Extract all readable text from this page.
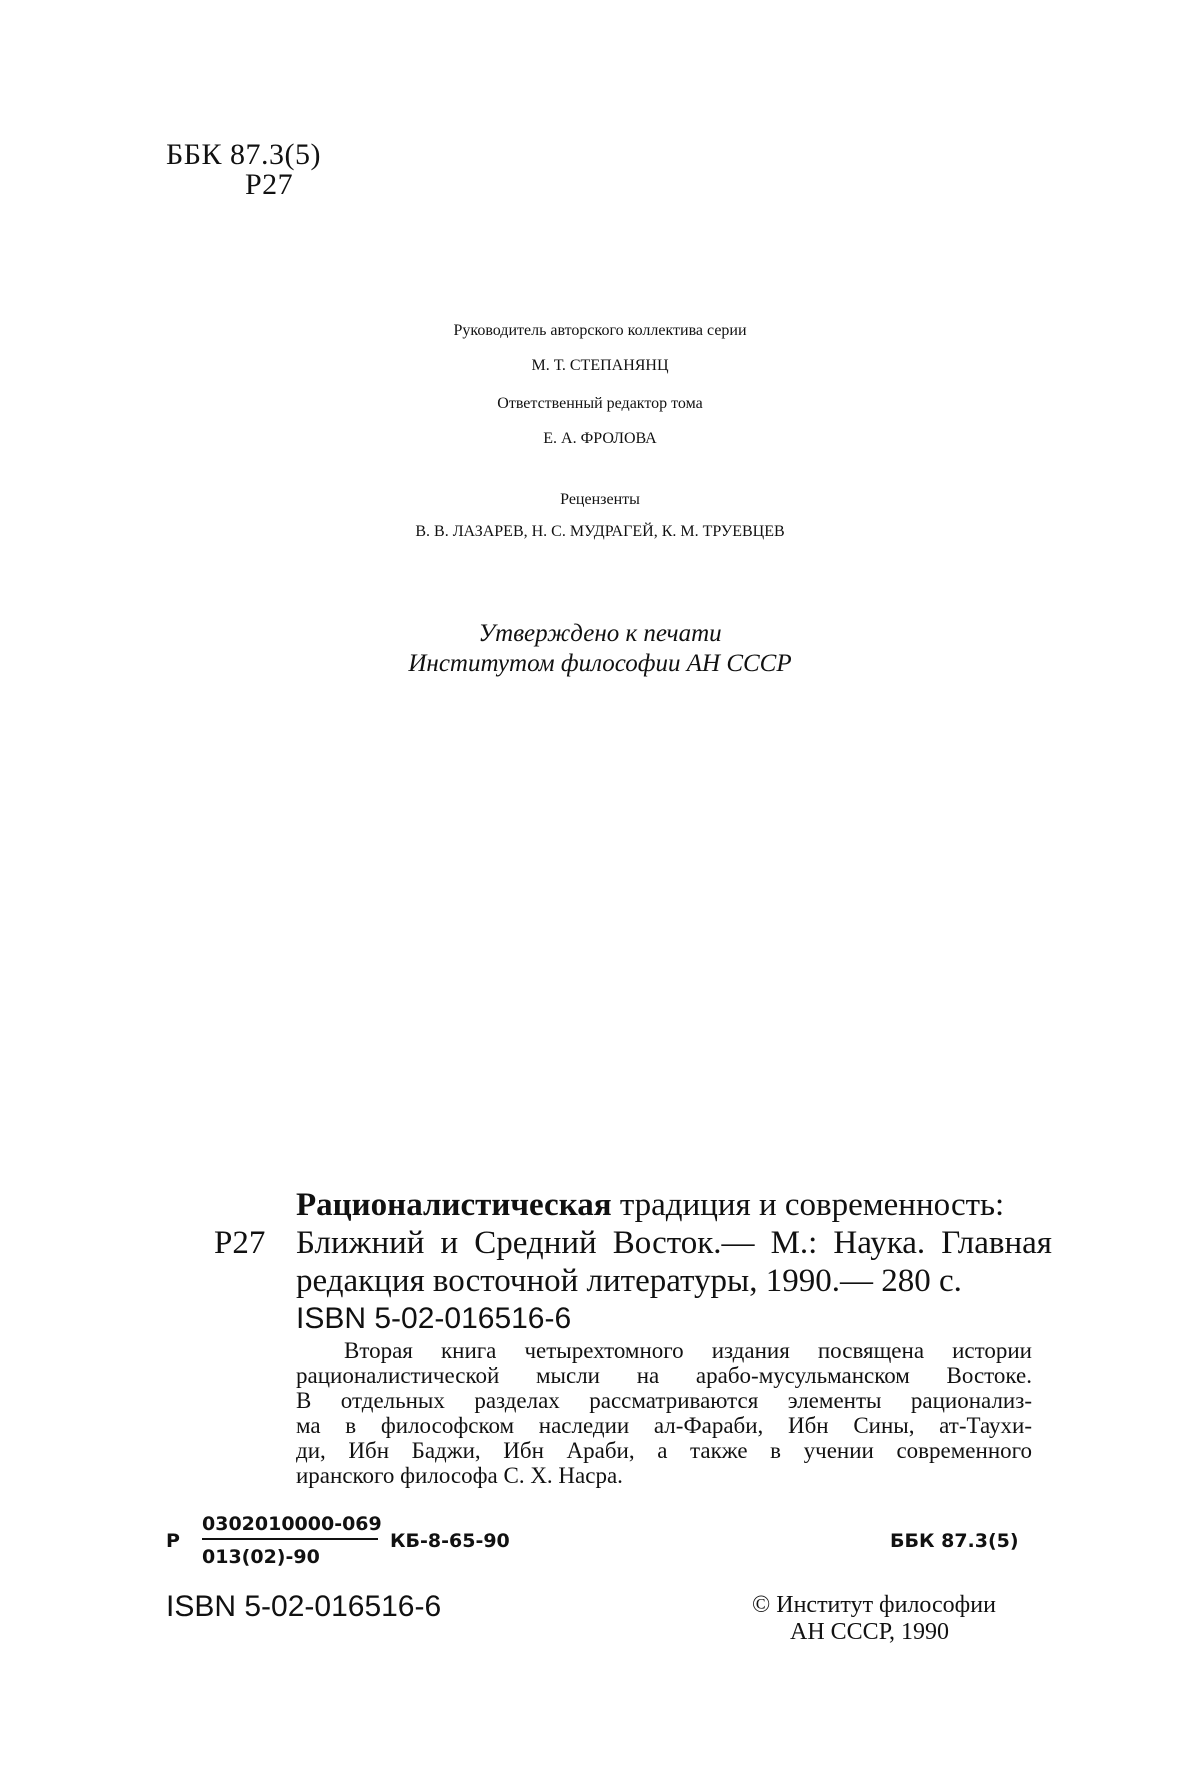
ББК 87.3(5)
Р27
Руководитель авторского коллектива серии
М. Т. СТЕПАНЯНЦ
Ответственный редактор тома
Е. А. ФРОЛОВА
Рецензенты
В. В. ЛАЗАРЕВ, Н. С. МУДРАГЕЙ, К. М. ТРУЕВЦЕВ
Утверждено к печати
Институтом философии АН СССР
Рационалистическая традиция и современность:
Р27 Ближний и Средний Восток.— М.: Наука. Главная
редакция восточной литературы, 1990.— 280 с.
ISBN 5-02-016516-6
Вторая книга четырехтомного издания посвящена истории
рационалистической мысли на арабо-мусульманском Востоке.
В отдельных разделах рассматриваются элементы рационализ-
ма в философском наследии ал-Фараби, Ибн Сины, ат-Таухи-
ди, Ибн Баджи, Ибн Араби, а также в учении современного
иранского философа С. Х. Насра.
Р
0302010000-069
013(02)-90
КБ-8-65-90	ББК 87.3(5)
ISBN 5-02-016516-6	© Институт философии
АН СССР, 1990
